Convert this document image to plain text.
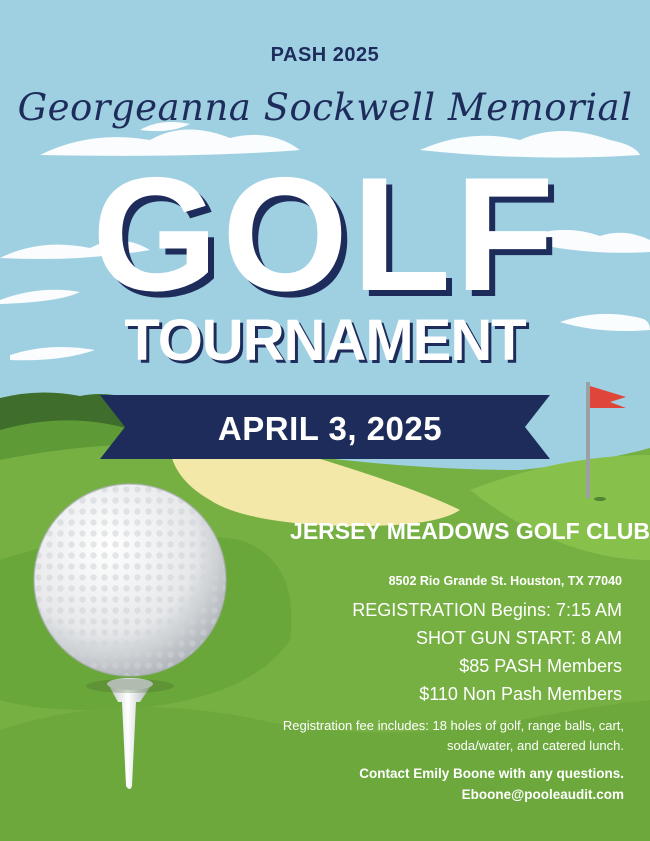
PASH 2025

Georgeanna Sockwell Memorial

GOLF

TOURNAMENT

APRIL 3, 2025

JERSEY MEADOWS GOLF CLUB

8502 Rio Grande St. Houston, TX 77040

REGISTRATION Begins: 7:15 AM

SHOT GUN START: 8 AM

$85 PASH Members

$110 Non Pash Members

Registration fee includes: 18 holes of golf, range balls, cart, soda/water, and catered lunch.

Contact Emily Boone with any questions.

Eboone@pooleaudit.com
